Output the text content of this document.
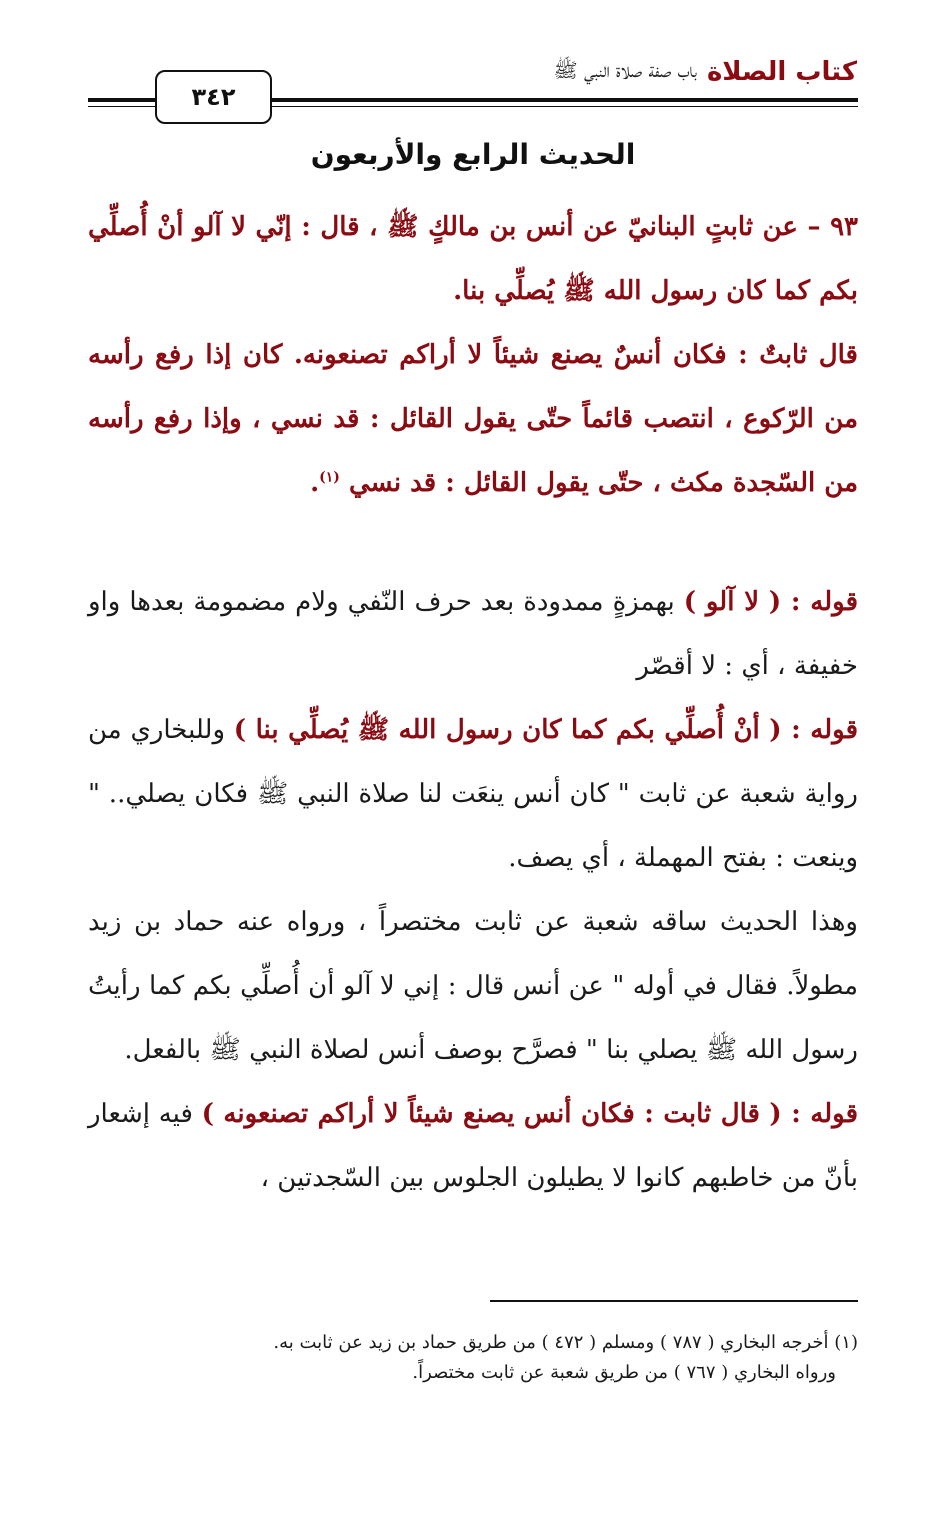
كتاب الصلاة
باب صفة صلاة النبي ﷺ
٣٤٢
الحديث الرابع والأربعون

٩٣ – عن ثابتٍ البنانيّ عن أنس بن مالكٍ ﷺ ، قال : إنّي لا آلو أنْ أُصلِّي بكم كما كان رسول الله ﷺ يُصلِّي بنا.

قال ثابتٌ : فكان أنسٌ يصنع شيئاً لا أراكم تصنعونه. كان إذا رفع رأسه من الرّكوع ، انتصب قائماً حتّى يقول القائل : قد نسي ، وإذا رفع رأسه من السّجدة مكث ، حتّى يقول القائل : قد نسي $^{(١)}$.

قوله : ( لا آلو ) بهمزةٍ ممدودة بعد حرف النّفي ولام مضمومة بعدها واو خفيفة ، أي : لا أقصّر

قوله : ( أنْ أُصلِّي بكم كما كان رسول الله ﷺ يُصلِّي بنا ) وللبخاري من رواية شعبة عن ثابت " كان أنس ينعَت لنا صلاة النبي ﷺ فكان يصلي.. " وينعت : بفتح المهملة ، أي يصف.

وهذا الحديث ساقه شعبة عن ثابت مختصراً ، ورواه عنه حماد بن زيد مطولاً. فقال في أوله " عن أنس قال : إني لا آلو أن أُصلِّي بكم كما رأيتُ رسول الله ﷺ يصلي بنا " فصرَّح بوصف أنس لصلاة النبي ﷺ بالفعل.

قوله : ( قال ثابت : فكان أنس يصنع شيئاً لا أراكم تصنعونه ) فيه إشعار بأنّ من خاطبهم كانوا لا يطيلون الجلوس بين السّجدتين ،

(١) أخرجه البخاري ( ٧٨٧ ) ومسلم ( ٤٧٢ ) من طريق حماد بن زيد عن ثابت به.

ورواه البخاري ( ٧٦٧ ) من طريق شعبة عن ثابت مختصراً.
